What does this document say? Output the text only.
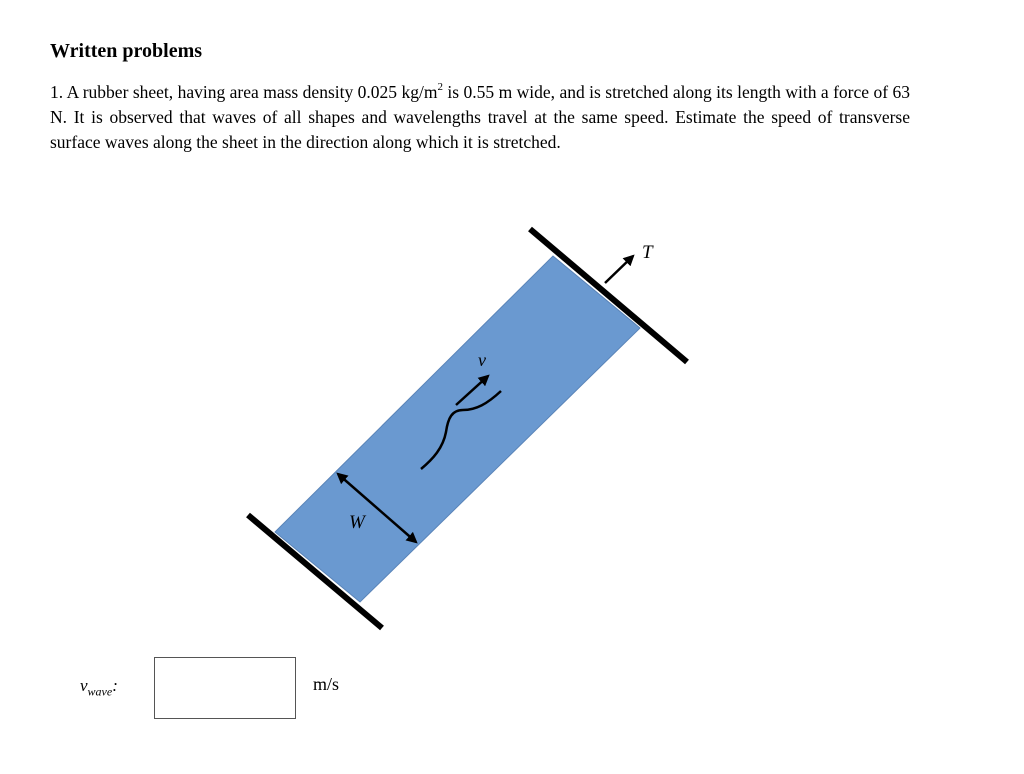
Written problems

1. A rubber sheet, having area mass density 0.025 $kg/m^2$ is 0.55 m wide, and is stretched along its length with a force of 63 N. It is observed that waves of all shapes and wavelengths travel at the same speed. Estimate the speed of transverse surface waves along the sheet in the direction along which it is stretched.

T
v
W
$v_{wave}$:	m/s
